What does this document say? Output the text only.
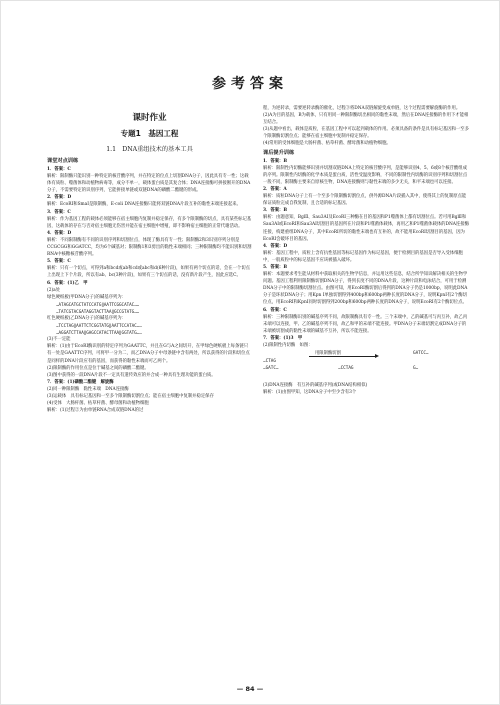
参考答案
课时作业
专题1　基因工程
1.1　DNA重组技术的基本工具
课堂对点训练

1．答案：C

解析：限制酶只能识别一种特定的核苷酸序列，并在特定的位点上切割DNA分子，因此具有专一性；这载体有质粒、噬菌体和动植物病毒等，成分不单一，载体蛋白质是其复合体；DNA连接酶可拼接断开的DNA分子，不需要特定的识别序列，它能拼接单链或双链DNA的磷酸二酯键的形成。

2．答案：D

解析：EcoRⅠ和SmaⅠ是限制酶，E·coli DNA连接酶只能将双链DNA片段互补的黏性末端连接起来。

3．答案：C

解析：作为基因工程的载体必须能够在宿主细胞内复制并稳定保存，有多个限制酶的切点，具有某些标记基因，这载体的存在与否对宿主细胞无伤害并能在宿主细胞中增殖，即不影响宿主细胞的正常代谢活动。

4．答案：D

解析：不同限制酶有不同的识别序列和切割位点，体现了酶具有专一性；限制酶2和3识别序列分别是CCGCGG和GGATCC，均为6个碱基对；限制酶1和3剪出的黏性末端相同；三种限制酶均不能识别和切割RNA中核糖核苷酸序列。

5．答案：C

解析：只有一个切点，可得到a和bcd或ab和cd或abc和d(6种片段)，如果有两个切点的话，会在一个切点上出现上下个片段，所以有ab、bc(3种片段)，如果有三个切点的话，没有新片段产生，因此应选C。

6．答案：(1)乙　甲

(2)a处

绿色硬纸板(甲DNA分子)的碱基序列为：

…ATAGCATGCTATCCATG‖AATTCGGCATAC……

…TATCGTACGATAGGTACTTAA‖GCCGTATG……

红色硬纸板(乙DNA分子)的碱基序列为：

…TCCTAG‖AATTCTCGGTATG‖AATTCCATAC……

…AGGATCTTAA‖GAGCCATACTTAA‖GGTATG……

(3)不一定能

解析：(1)由于EcoRⅠ酶识别的特定序列为GAATTC，并且在G与A之间切开，在甲绿色硬纸板上每条链只有一处是GAATTC序列，可将甲一分为二，而乙DNA分子中母条链中含有两处，所以获得的片段和切位点是同样的DNA片段应有的基因，而获得的黏性末端而可乙两个。

(2)限制酶的作用位点是位于碱基之间的磷酸二酯键。

(3)图中获得的一段DNA片段不一定具有遗传效应的并合成一种具有生理功能的蛋白质。

7．答案：(1)磷酸二酯键　解旋酶

(2)同一种限制酶　黏性末端　DNA连接酶

(3)运载体　具有标记基因和一至多个限制酶切割位点；能在宿主细胞中复制并稳定保存

(4)受体　大肠杆菌、枯草杆菌、酵母菌和动植物细胞

解析：(1)过程②为由单链RNA合成双链DNA的过

程，为逆转录，需要逆转录酶的催化，过程③将DNA双链解旋变成单链，这个过程需要解旋酶的作用。(2)A为目的基因，B为载体，只有用同一种限制酶切出相同的黏性末端，然后在DNA连接酶的作用下才能相互结合。

(3)从题中看出，载体是质粒，在基因工程中可以起到载体的作用。必须具备的条件是具有标记基因和一至多个限制酶切割位点；能够在宿主细胞中复制并稳定保存。

(4)常用的受体细胞是大肠杆菌、枯草杆菌、酵母菌和动植物细胞。

课后提升训练

1．答案：B

解析：限制性内切酶能够识别并切割双链DNA上特定的核苷酸序列，是能够识别4、5、6或8个核苷酸组成的序列。限制性内切酶的化学本质是蛋白质，活性受温度影响，不同的限制性内切酶的识别序列和切割位点一般不同，限制酶主要来自原核生物，DNA连接酶则与黏性末端的多少无关，和平末端也可以连接。

2．答案：A

解析：质粒DNA分子上有一个至多个限制酶切割位点，供外源DNA片段插入其中，使得其上的复制原点能保证质粒完成自我复制，且合适的标记基因。

3．答案：B

解析：由题意知，BglⅡ、Sau3AⅠ及EcoRⅠ三种酶在目的基因和P1噬菌体上都有切割位点。若可用BglⅡ和Sau3AⅠ或EcoRⅠ和Sau3AⅠ切割目的基因所在片段和P1噬菌体载体，再用乙和P1噬菌体载体的DNA连接酶连接，构建重组DNA分子，其中EcoRⅠ所切的黏性末端也有互补的，故不能用EcoRⅠ切割目的基因，因为EcoRⅠ会破坏目的基因。

4．答案：D

解析：基因工程中，质粒上含有抗性基因等标记基因作为标记基因，便于检测目的基因是否导入受体细胞中，一般质粒中的标记基因不应该被插入破坏。

5．答案：B

解析：本题要求考生能从材料中获取相关的生物学信息，并运用这些信息，结合所学知识解决相关的生物学问题。基因工程利用限制酶切割DNA分子，得到长度不同的DNA片段，这种片段和电泳结合，可用于检测DNA分子中的限制酶切割位点。由图可知，用EcoRⅠ酶切割后得到的DNA分子仍是1000bp，说明此DNA分子是环状DNA分子；用Kpn I单独切割得到400bp和600bp两种长度的DNA分子，说明KpnⅠ有2个酶切位点，用EcoRⅠ和KpnⅠ同时切割得到200bp和600bp两种长度的DNA分子，说明EcoRⅠ有2个酶切位点。

6．答案：C

解析：三种限制酶识别的碱基序列不同，故限制酶具有专一性。三个末端中，乙的碱基可与丙互补，故乙丙末端可以连接，甲、乙的碱基序列不同，故乙和甲的末端不能连接。甲DNA分子末端切割完成DNA分子的末端被切割成的黏性末端的碱基不互补，所以不能连接。

7．答案：(1)3　甲

(2)限制性内切酶　如图：

用限制酶切割
…CTAG
…GATC…	…CCTAG
GATCC…
G…

(3)DNA连接酶　有互补的碱基序列(或DNA结构相似)

解析：(1)由图甲知，这DNA分子中至少含有3个

— 84 —
